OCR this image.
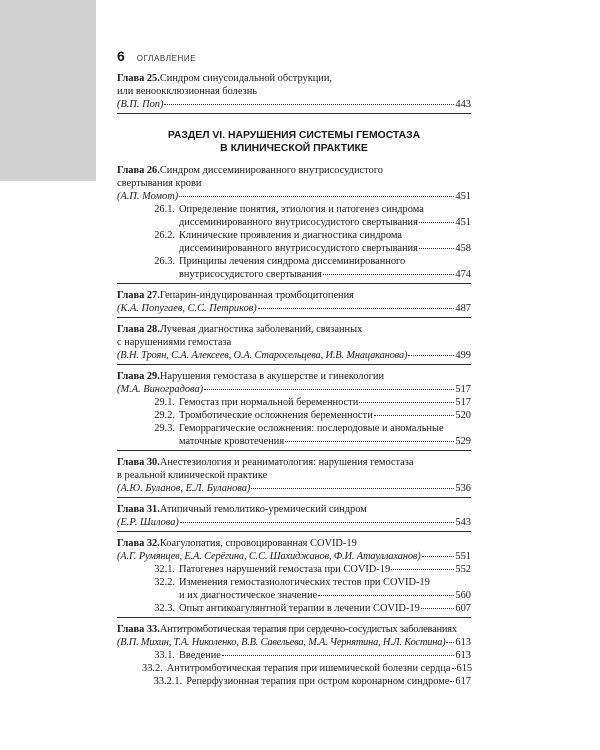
6 ОГЛАВЛЕНИЕ
Глава 25. Синдром синусоидальной обструкции,
или веноокклюзионная болезнь
(В.П. Поп)	443
РАЗДЕЛ VI. НАРУШЕНИЯ СИСТЕМЫ ГЕМОСТАЗА
В КЛИНИЧЕСКОЙ ПРАКТИКЕ
Глава 26. Синдром диссеминированного внутрисосудистого
свертывания крови
(А.П. Момот)	451
26.1. Определение понятия, этиология и патогенез синдрома
диссеминированного внутрисосудистого свертывания	451
26.2. Клинические проявления и диагностика синдрома
диссеминированного внутрисосудистого свертывания	458
26.3. Принципы лечения синдрома диссеминированного
внутрисосудистого свертывания	474
Глава 27. Гепарин-индуцированная тромбоцитопения
(К.А. Попугаев, С.С. Петриков)	487
Глава 28. Лучевая диагностика заболеваний, связанных
с нарушениями гемостаза
(В.Н. Троян, С.А. Алексеев, О.А. Старосельцева, И.В. Мнацаканова)	499
Глава 29. Нарушения гемостаза в акушерстве и гинекологии
(М.А. Виноградова)	517
29.1. Гемостаз при нормальной беременности	517
29.2. Тромботические осложнения беременности	520
29.3. Геморрагические осложнения: послеродовые и аномальные
маточные кровотечения	529
Глава 30. Анестезиология и реаниматология: нарушения гемостаза
в реальной клинической практике
(А.Ю. Буланов, Е.Л. Буланова)	536
Глава 31. Атипичный гемолитико-уремический синдром
(Е.Р. Шилова)	543
Глава 32. Коагулопатия, спровоцированная COVID-19
(А.Г. Румянцев, Е.А. Серёгина, С.С. Шахиджанов, Ф.И. Атауллаханов)	551
32.1. Патогенез нарушений гемостаза при COVID-19	552
32.2. Изменения гемостазиологических тестов при COVID-19
и их диагностическое значение	560
32.3. Опыт антикоагулянтной терапии в лечении COVID-19	607
Глава 33. Антитромботическая терапия при сердечно-сосудистых заболеваниях
(В.П. Михин, Т.А. Николенко, В.В. Савельева, М.А. Чернятина, Н.Л. Костина) 613
33.1. Введение	613
33.2. Антитромботическая терапия при ишемической болезни сердца 615
33.2.1. Реперфузионная терапия при остром коронарном синдроме 617
